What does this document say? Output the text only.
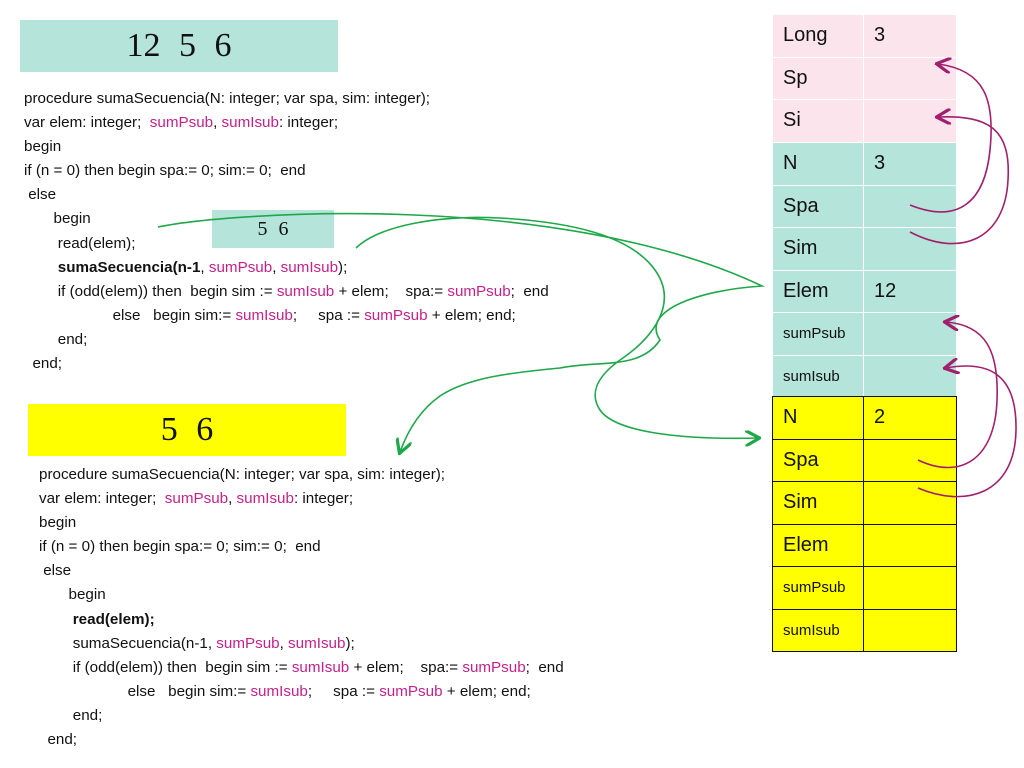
12 5 6
procedure sumaSecuencia(N: integer; var spa, sim: integer);
var elem: integer;  sumPsub, sumIsub: integer;
begin
if (n = 0) then begin spa:= 0; sim:= 0;  end
else
begin
read(elem);
sumaSecuencia(n-1, sumPsub, sumIsub);
if (odd(elem)) then  begin sim := sumIsub + elem;    spa:= sumPsub;  end
else   begin sim:= sumIsub;     spa := sumPsub + elem; end;
end;
end;
5 6
5 6
procedure sumaSecuencia(N: integer; var spa, sim: integer);
var elem: integer;  sumPsub, sumIsub: integer;
begin
if (n = 0) then begin spa:= 0; sim:= 0;  end
else
begin
read(elem);
sumaSecuencia(n-1, sumPsub, sumIsub);
if (odd(elem)) then  begin sim := sumIsub + elem;    spa:= sumPsub;  end
else   begin sim:= sumIsub;     spa := sumPsub + elem; end;
end;
end;
Long	3
Sp	
Si	
N	3
Spa	
Sim	
Elem	12
sumPsub	
sumIsub	
N	2
Spa	
Sim	
Elem	
sumPsub	
sumIsub	
